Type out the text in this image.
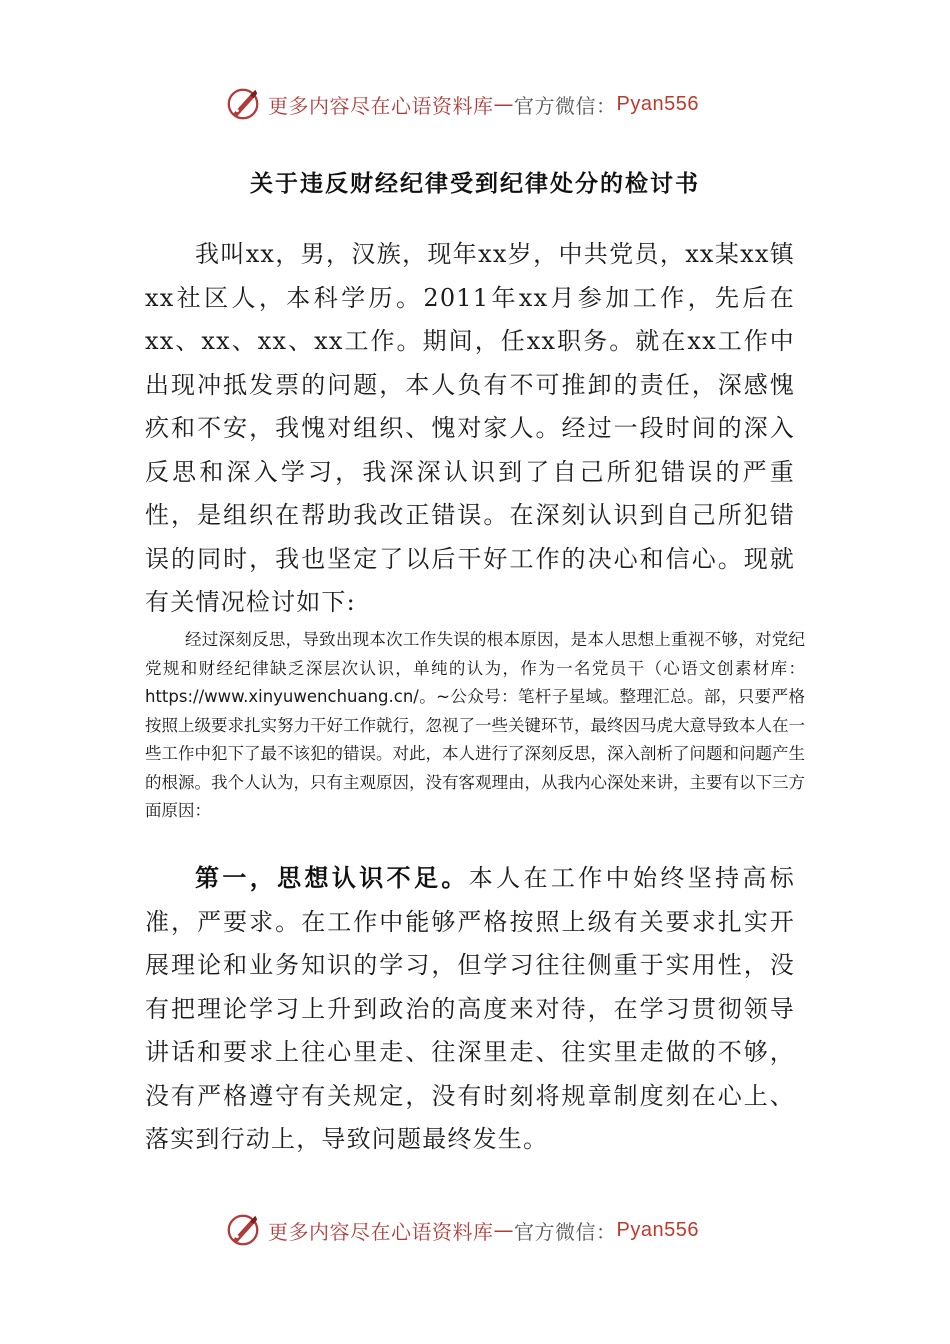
更多内容尽在心语资料库 — 官方微信： Pyan556
关于违反财经纪律受到纪律处分的检讨书

我叫xx，男，汉族，现年xx岁，中共党员，xx某xx镇xx社区人，本科学历。2011年xx月参加工作，先后在xx、xx、xx、xx工作。期间，任xx职务。就在xx工作中出现冲抵发票的问题，本人负有不可推卸的责任，深感愧疚和不安，我愧对组织、愧对家人。经过一段时间的深入反思和深入学习，我深深认识到了自己所犯错误的严重性，是组织在帮助我改正错误。在深刻认识到自己所犯错误的同时，我也坚定了以后干好工作的决心和信心。现就有关情况检讨如下:

经过深刻反思，导致出现本次工作失误的根本原因，是本人思想上重视不够，对党纪党规和财经纪律缺乏深层次认识，单纯的认为，作为一名党员干（心语文创素材库：https://www.xinyuwenchuang.cn/。~公众号：笔杆子星域。整理汇总。部，只要严格按照上级要求扎实努力干好工作就行，忽视了一些关键环节，最终因马虎大意导致本人在一些工作中犯下了最不该犯的错误。对此，本人进行了深刻反思，深入剖析了问题和问题产生的根源。我个人认为，只有主观原因，没有客观理由，从我内心深处来讲，主要有以下三方面原因：

第一，思想认识不足。本人在工作中始终坚持高标准，严要求。在工作中能够严格按照上级有关要求扎实开展理论和业务知识的学习，但学习往往侧重于实用性，没有把理论学习上升到政治的高度来对待，在学习贯彻领导讲话和要求上往心里走、往深里走、往实里走做的不够，没有严格遵守有关规定，没有时刻将规章制度刻在心上、落实到行动上，导致问题最终发生。

更多内容尽在心语资料库 — 官方微信： Pyan556
